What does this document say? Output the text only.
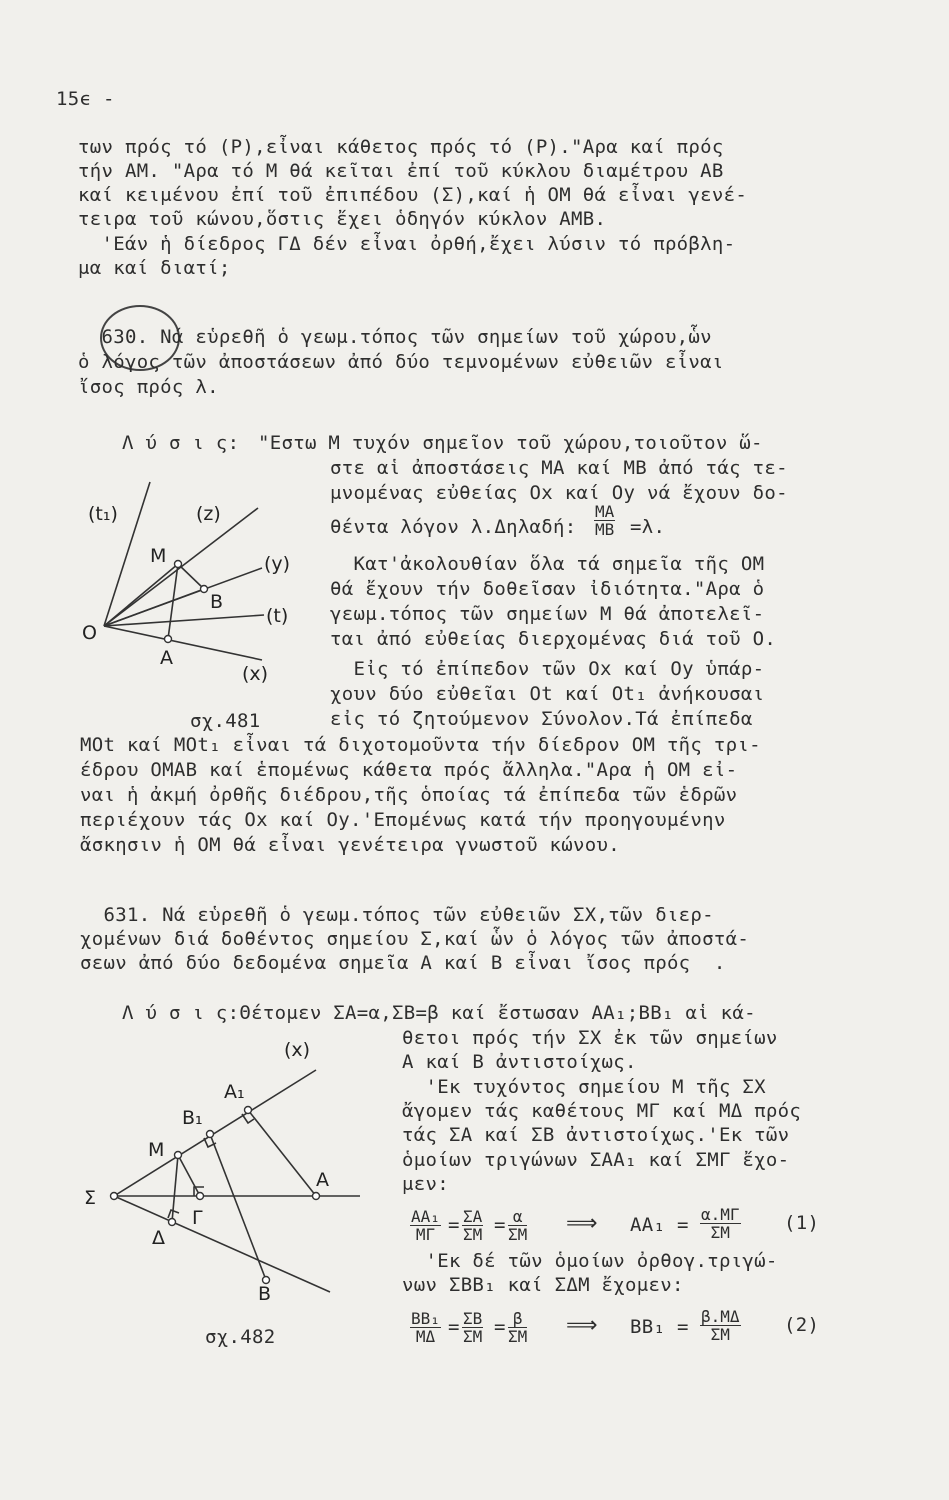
15ϵ -
των πρός τό (P),εἶναι κάθετος πρός τό (P)."Αρα καί πρός
τήν AM. "Αρα τό M θά κεῖται ἐπί τοῦ κύκλου διαμέτρου AB
καί κειμένου ἐπί τοῦ ἐπιπέδου (Σ),καί ἡ OM θά εἶναι γενέ-
τειρα τοῦ κώνου,ὅστις ἔχει ὁδηγόν κύκλον AMB.
'Εάν ἡ δίεδρος ΓΔ δέν εἶναι ὀρθή,ἔχει λύσιν τό πρόβλη-
μα καί διατί;
630. Νά εὑρεθῆ ὁ γεωμ.τόπος τῶν σημείων τοῦ χώρου,ὧν
ὁ λόγος τῶν ἀποστάσεων ἀπό δύο τεμνομένων εὐθειῶν εἶναι
ἴσος πρός λ.
Λ ύ σ ι ς: "Εστω M τυχόν σημεῖον τοῦ χώρου,τοιοῦτον ὥ-
στε αἱ ἀποστάσεις MA καί MB ἀπό τάς τε-
μνομένας εὐθείας Ox καί Oy νά ἔχουν δο-
θέντα λόγον λ.Δηλαδή: $\frac{MA}{MB} =\lambda$.
Κατ'ἀκολουθίαν ὅλα τά σημεῖα τῆς OM
θά ἔχουν τήν δοθεῖσαν ἰδιότητα."Αρα ὁ
γεωμ.τόπος τῶν σημείων M θά ἀποτελεῖ-
ται ἀπό εὐθείας διερχομένας διά τοῦ O.
Εἰς τό ἐπίπεδον τῶν Ox καί Oy ὑπάρ-
χουν δύο εὐθεῖαι Ot καί Ot₁ ἀνήκουσαι
σχ.481	εἰς τό ζητούμενον Σύνολον.Τά ἐπίπεδα
MOt καί MOt₁ εἶναι τά διχοτομοῦντα τήν δίεδρον OM τῆς τρι-
έδρου OMAB καί ἑπομένως κάθετα πρός ἄλληλα."Αρα ἡ OM εἰ-
ναι ἡ ἀκμή ὀρθῆς διέδρου,τῆς ὁποίας τά ἐπίπεδα τῶν ἑδρῶν
περιέχουν τάς Ox καί Oy.'Επομένως κατά τήν προηγουμένην
ἄσκησιν ἡ OM θά εἶναι γενέτειρα γνωστοῦ κώνου.
(t₁)	(z)
(y)
(t)
(x)
M
B
O
A
631. Νά εὑρεθῆ ὁ γεωμ.τόπος τῶν εὐθειῶν ΣΧ,τῶν διερ-
χομένων διά δοθέντος σημείου Σ,καί ὧν ὁ λόγος τῶν ἀποστά-
σεων ἀπό δύο δεδομένα σημεῖα A καί B εἶναι ἴσος πρός  .
Λ ύ σ ι ς:Θέτομεν ΣA=α,ΣB=β καί ἔστωσαν AA₁;BB₁ αἱ κά-
θετοι πρός τήν ΣΧ ἐκ τῶν σημείων
A καί B ἀντιστοίχως.
'Εκ τυχόντος σημείου M τῆς ΣΧ
ἄγομεν τάς καθέτους MΓ καί MΔ πρός
τάς ΣA καί ΣB ἀντιστοίχως.'Εκ τῶν
ὁμοίων τριγώνων ΣAA₁ καί ΣMΓ ἔχο-
μεν:
$\frac{\text{AA₁}}{M\Gamma} = \frac{\Sigma A}{\Sigma M} = \frac{\alpha}{\Sigma M}$ ⟹ $AA_1 = \frac{\alpha.M\Gamma}{\Sigma M} (1)$
'Εκ δέ τῶν ὁμοίων ὀρθογ.τριγώ-
νων ΣBB₁ καί ΣΔM ἔχομεν:
$\frac{\text{BB₁}}{M\Delta} = \frac{\Sigma B}{\Sigma M} = \frac{\beta}{\Sigma M}$ ⟹ $BB_1 = \frac{\beta.M\Delta}{\Sigma M} (2)$
(x)
A₁
B₁
M
Σ
Γ
A
Δ
B
σχ.482
